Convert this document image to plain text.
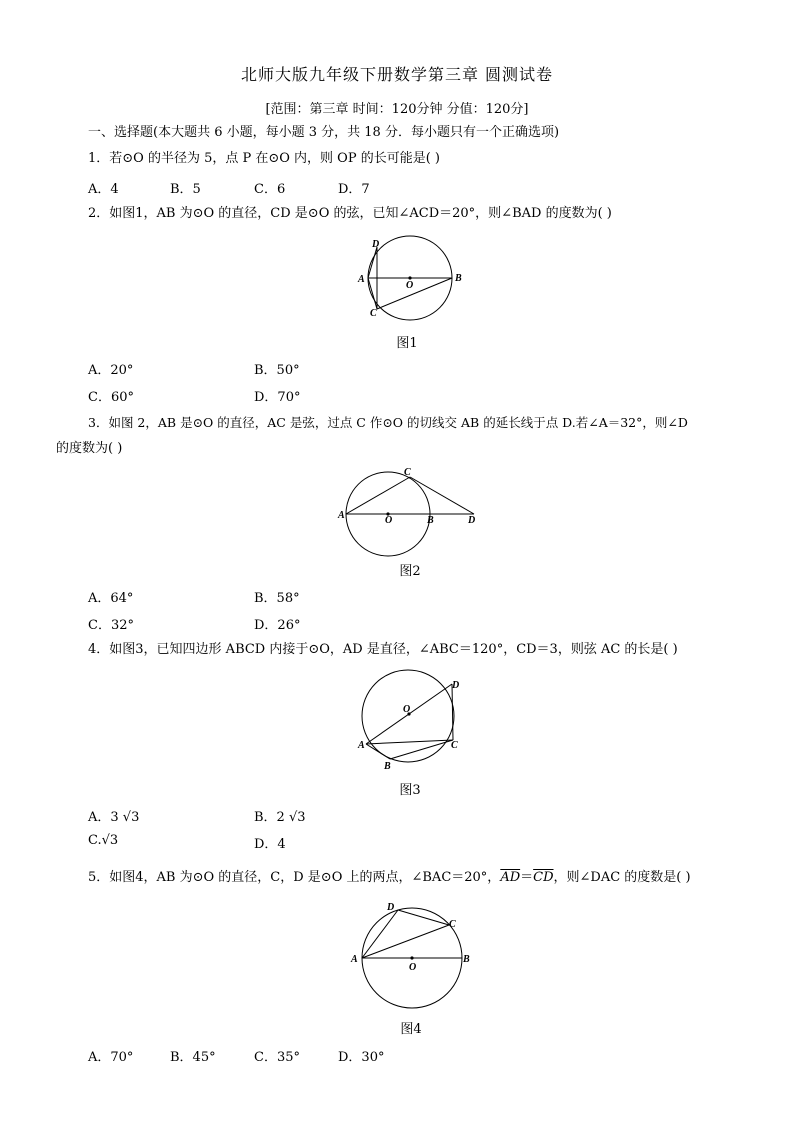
北师大版九年级下册数学第三章 圆测试卷
[范围：第三章 时间：120分钟 分值：120分]
一、选择题(本大题共 6 小题，每小题 3 分，共 18 分．每小题只有一个正确选项)
1．若⊙O 的半径为 5，点 P 在⊙O 内，则 OP 的长可能是( )
A．4	B．5	C．6	D．7
2．如图1，AB 为⊙O 的直径，CD 是⊙O 的弦，已知∠ACD＝20°，则∠BAD 的度数为( )
D
A
O
B
C
图1
A．20°	B．50°
C．60°	D．70°
3．如图 2，AB 是⊙O 的直径，AC 是弦，过点 C 作⊙O 的切线交 AB 的延长线于点 D.若∠A＝32°，则∠D
的度数为( )
C
A	O	B	D
图2
A．64°	B．58°
C．32°	D．26°
4．如图3，已知四边形 ABCD 内接于⊙O，AD 是直径，∠ABC＝120°，CD＝3，则弦 AC 的长是( )
O
D
A	C
B
图3
A．3 √3	B．2 √3
C.√3	D．4
5．如图4，AB 为⊙O 的直径，C，D 是⊙O 上的两点，∠BAC＝20°，$\overline{AD}=\overline{CD}$，则∠DAC 的度数是( )
D
C
A
O
B
图4
A．70°	B．45°	C．35°	D．30°
